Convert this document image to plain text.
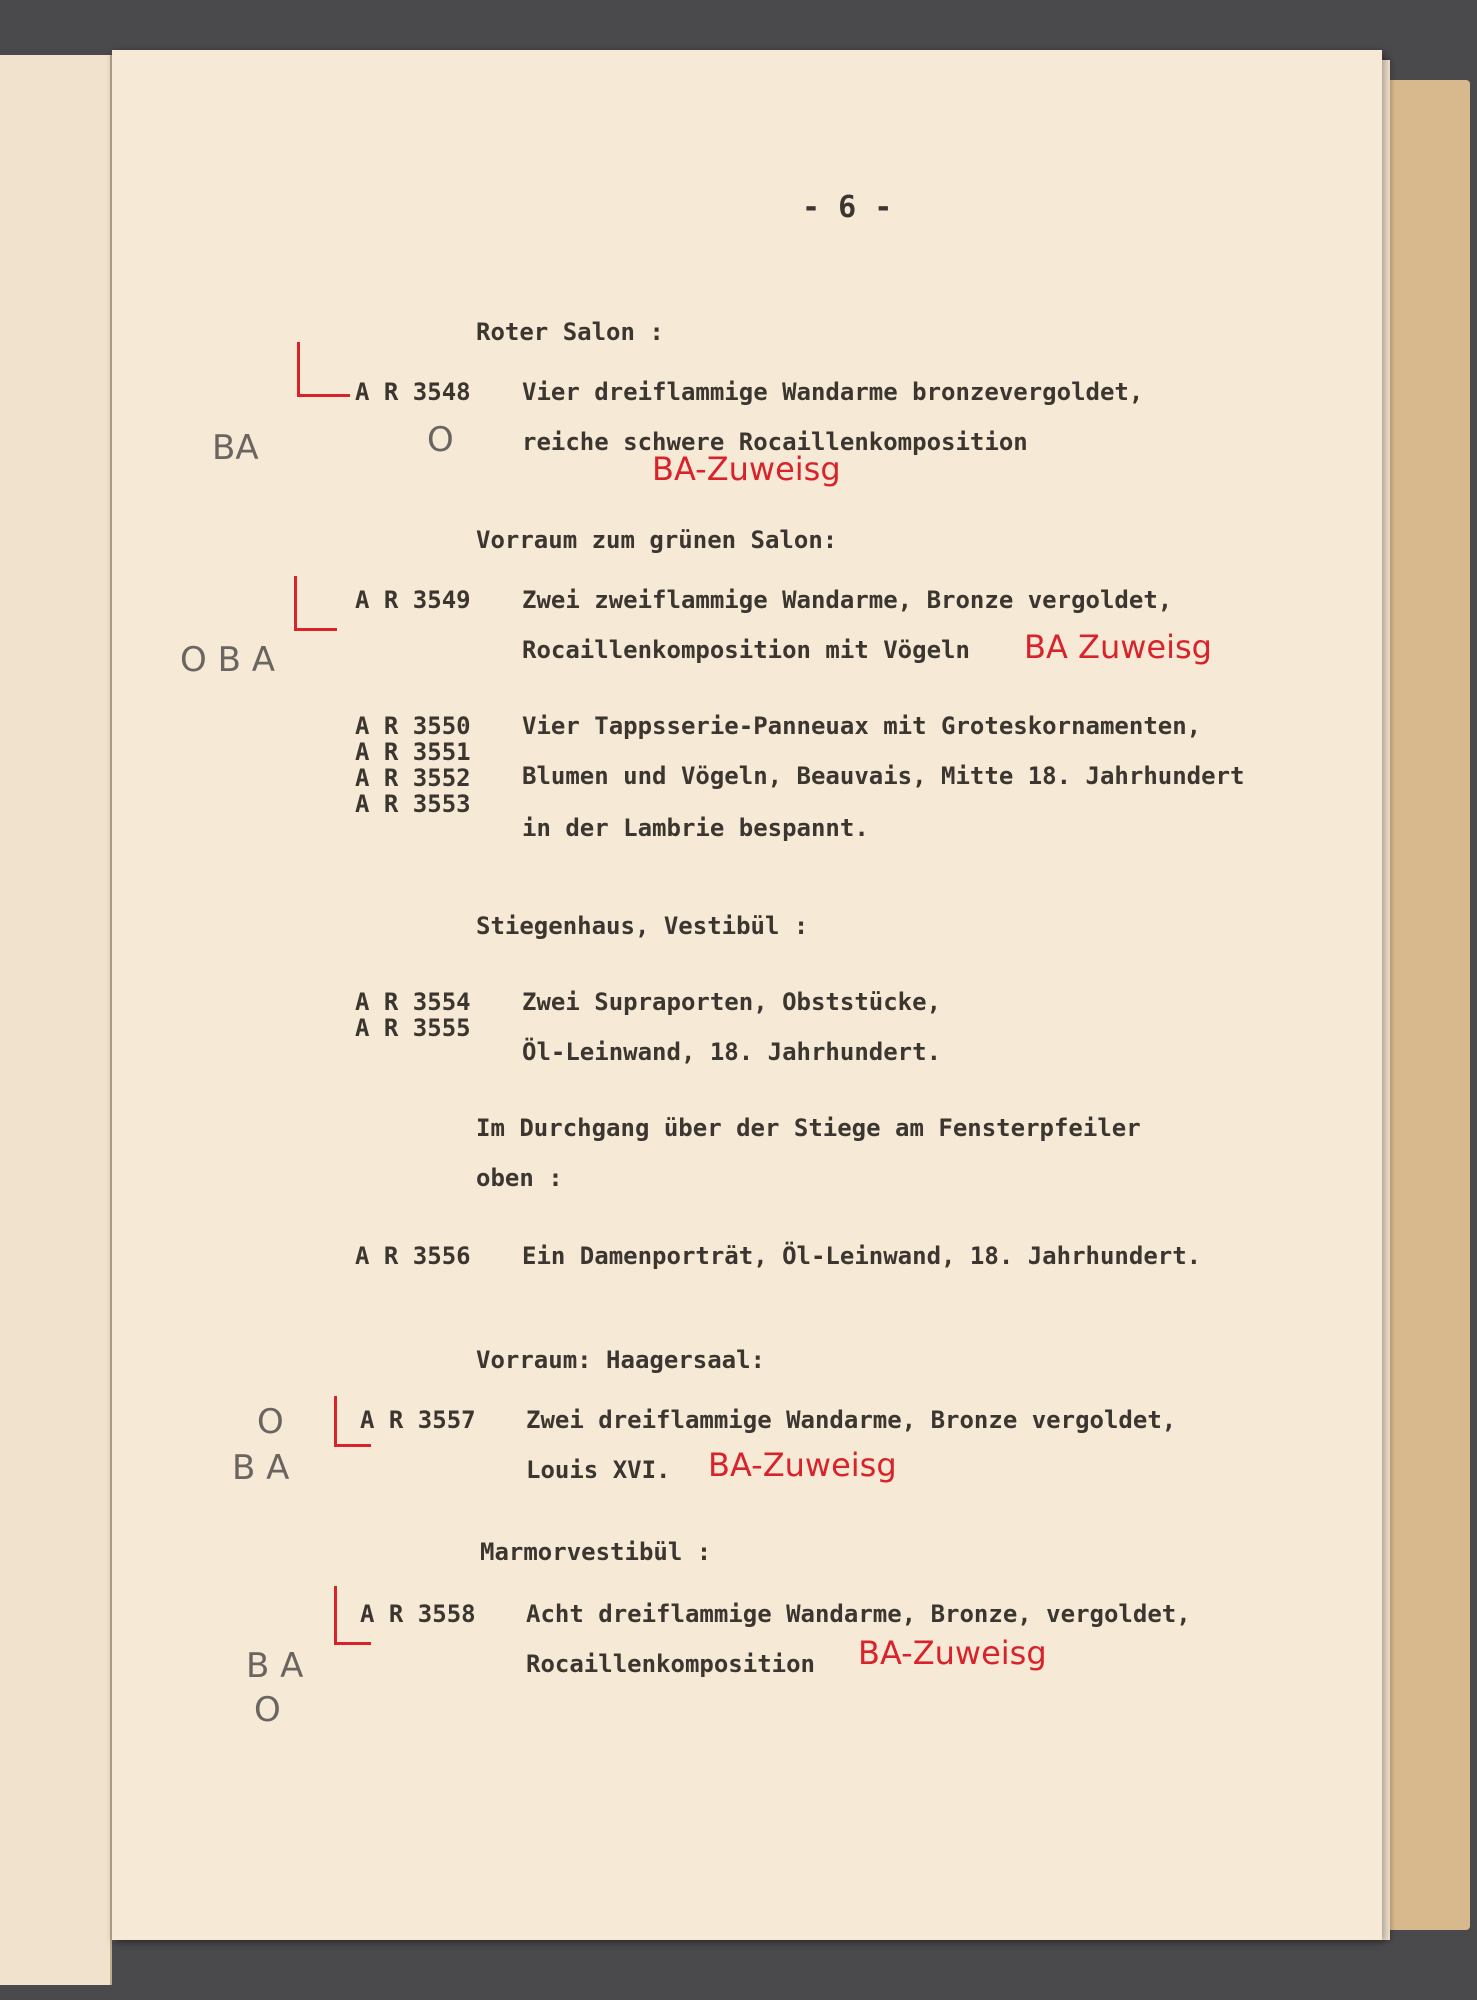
- 6 -
Roter Salon :
A R 3548 Vier dreiflammige Wandarme bronzevergoldet,
reiche schwere Rocaillenkomposition
BA-Zuweisg
BA	O
Vorraum zum grünen Salon:
A R 3549 Zwei zweiflammige Wandarme, Bronze vergoldet,
Rocaillenkomposition mit Vögeln BA Zuweisg
O B A
A R 3550
A R 3551
A R 3552
A R 3553
Vier Tappsserie-Panneuax mit Groteskornamenten,
Blumen und Vögeln, Beauvais, Mitte 18. Jahrhundert
in der Lambrie bespannt.
Stiegenhaus, Vestibül :
A R 3554
A R 3555
Zwei Supraporten, Obststücke,
Öl-Leinwand, 18. Jahrhundert.
Im Durchgang über der Stiege am Fensterpfeiler
oben :
A R 3556 Ein Damenporträt, Öl-Leinwand, 18. Jahrhundert.
Vorraum: Haagersaal:
A R 3557 Zwei dreiflammige Wandarme, Bronze vergoldet,
Louis XVI. BA-Zuweisg
O
B A
Marmorvestibül :
A R 3558 Acht dreiflammige Wandarme, Bronze, vergoldet,
Rocaillenkomposition BA-Zuweisg
B A
O
